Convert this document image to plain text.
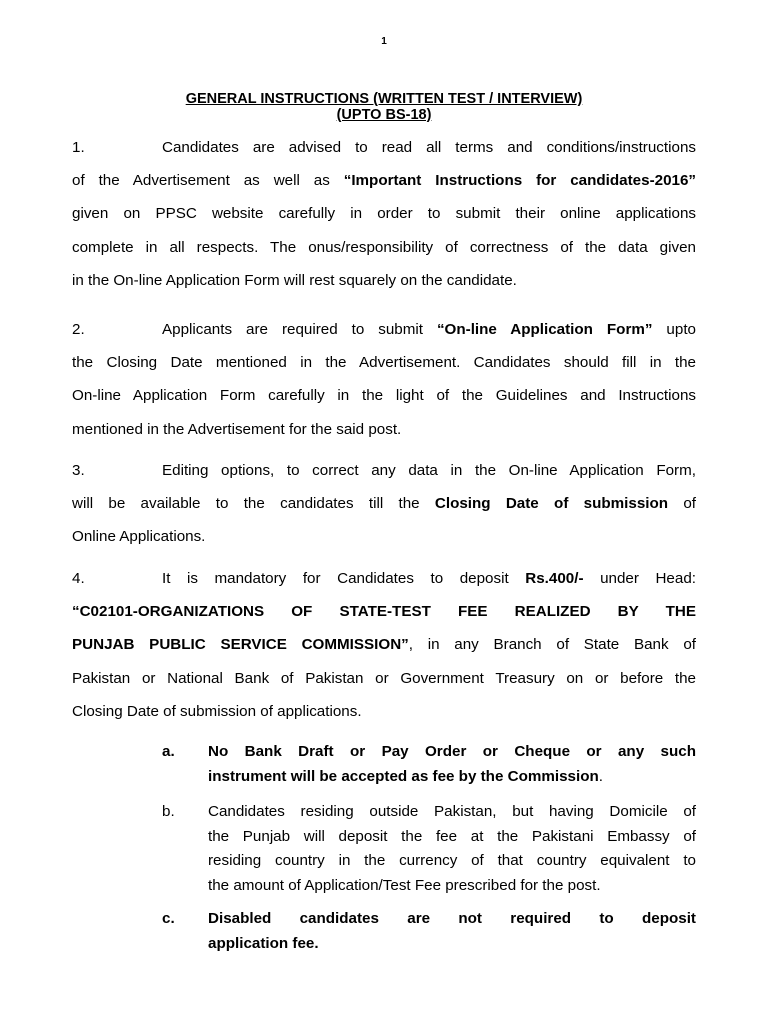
1
GENERAL INSTRUCTIONS (WRITTEN TEST / INTERVIEW)
(UPTO BS-18)
1.	Candidates are advised to read all terms and conditions/instructions
of the Advertisement as well as “Important Instructions for candidates-2016”
given on PPSC website carefully in order to submit their online applications
complete in all respects. The onus/responsibility of correctness of the data given
in the On-line Application Form will rest squarely on the candidate.
2.	Applicants are required to submit “On-line Application Form” upto
the Closing Date mentioned in the Advertisement. Candidates should fill in the
On-line Application Form carefully in the light of the Guidelines and Instructions
mentioned in the Advertisement for the said post.
3.	Editing options, to correct any data in the On-line Application Form,
will be available to the candidates till the Closing Date of submission of
Online Applications.
4.	It is mandatory for Candidates to deposit Rs.400/- under Head:
“C02101-ORGANIZATIONS OF STATE-TEST FEE REALIZED BY THE
PUNJAB PUBLIC SERVICE COMMISSION”, in any Branch of State Bank of
Pakistan or National Bank of Pakistan or Government Treasury on or before the
Closing Date of submission of applications.
a.	No Bank Draft or Pay Order or Cheque or any such
instrument will be accepted as fee by the Commission.
b.	Candidates residing outside Pakistan, but having Domicile of
the Punjab will deposit the fee at the Pakistani Embassy of
residing country in the currency of that country equivalent to
the amount of Application/Test Fee prescribed for the post.
c.	Disabled candidates are not required to deposit
application fee.
